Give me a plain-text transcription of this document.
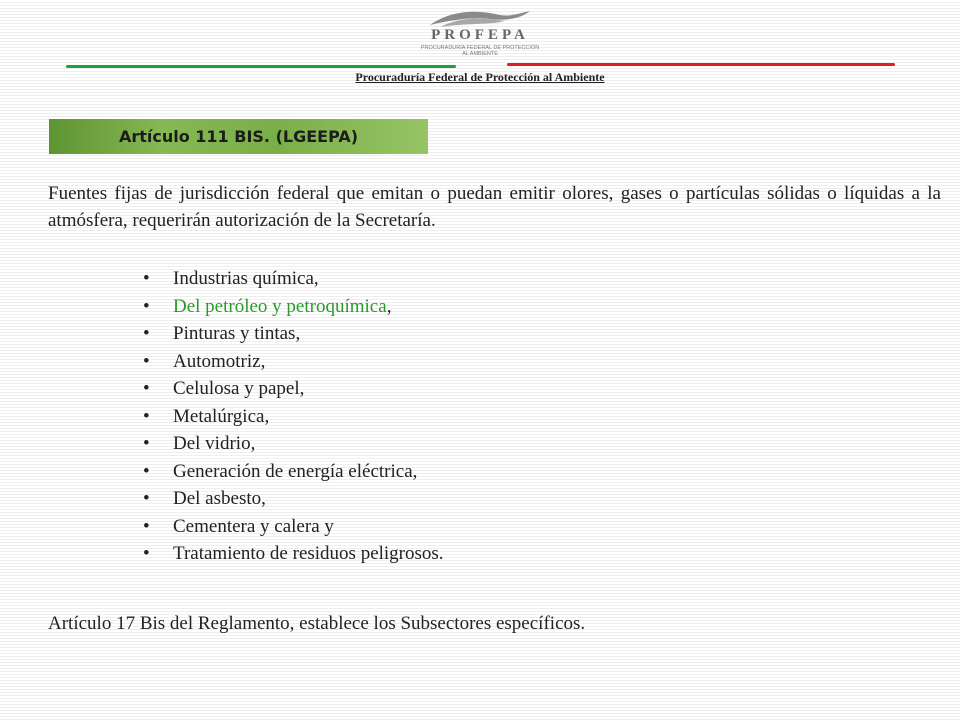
PROFEPA
PROCURADURÍA FEDERAL DE PROTECCIÓN AL AMBIENTE
Procuraduría Federal de Protección al Ambiente
Artículo 111 BIS. (LGEEPA)
Fuentes fijas de jurisdicción federal que emitan o puedan emitir olores, gases o partículas sólidas o líquidas a la atmósfera, requerirán autorización de la Secretaría.
• Industrias química,
• Del petróleo y petroquímica,
• Pinturas y tintas,
• Automotriz,
• Celulosa y papel,
• Metalúrgica,
• Del vidrio,
• Generación de energía eléctrica,
• Del asbesto,
• Cementera y calera y
• Tratamiento de residuos peligrosos.
Artículo 17 Bis del Reglamento, establece los Subsectores específicos.
